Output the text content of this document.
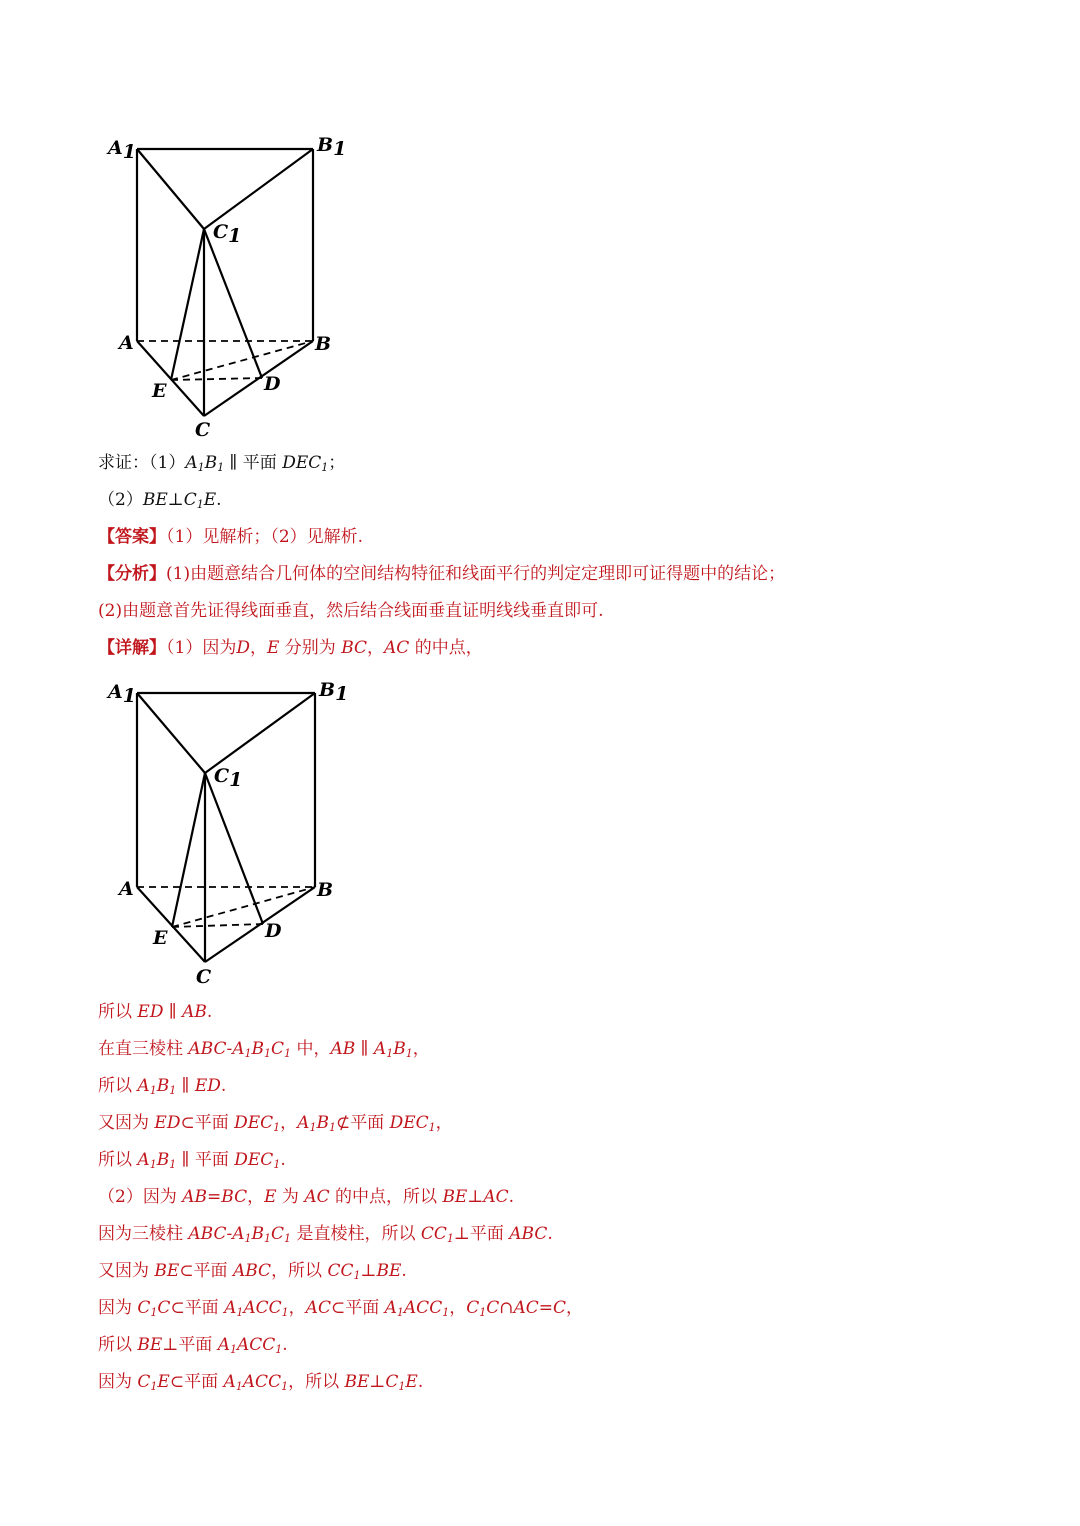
A1	B1
C1
A	B
E	D
C
求证：$(1)A_1B_1$ ∥ 平面 $DEC_1$；
$(2)BE\perp C_1E$.
【答案】（1）见解析；（2）见解析.
【分析】(1)由题意结合几何体的空间结构特征和线面平行的判定定理即可证得题中的结论；
(2)由题意首先证得线面垂直，然后结合线面垂直证明线线垂直即可.
【详解】（1）因为D，E 分别为 BC，AC 的中点，
A1	B1
C1
A	B
E	D
C
所以 ED ∥ AB.
在直三棱柱 ABC-$A_1B_1C_1$ 中，AB ∥ $A_1B_1$，
所以 $A_1B_1$ ∥ ED.
又因为 ED⊂平面 $DEC_1$，$A_1B_1⊄$平面 $DEC_1$，
所以 $A_1B_1$ ∥ 平面 $DEC_1$.
（2）因为 AB=BC，E 为 AC 的中点，所以 BE⊥AC.
因为三棱柱 ABC-$A_1B_1C_1$ 是直棱柱，所以 $CC_1\perp$平面 ABC.
又因为 BE⊂平面 ABC，所以 $CC_1\perp BE$.
因为 $C_1C\subset$平面 $A_1ACC_1$，AC⊂平面 $A_1ACC_1$，$C_1C\cap AC=C$，
所以 BE⊥平面 $A_1ACC_1$.
因为 $C_1E\subset$平面 $A_1ACC_1$，所以 $BE\perp C_1E$.
